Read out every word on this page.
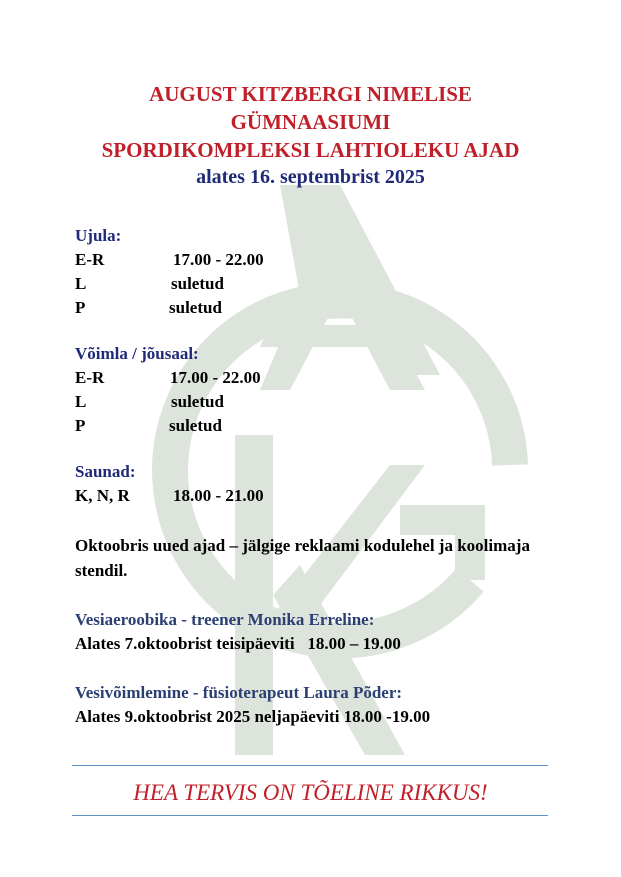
AUGUST KITZBERGI NIMELISE
GÜMNAASIUMI
SPORDIKOMPLEKSI LAHTIOLEKU AJAD
alates 16. septembrist 2025
Ujula:
E-R	17.00 - 22.00
L	suletud
P	suletud
Võimla / jõusaal:
E-R	17.00 - 22.00
L	suletud
P	suletud
Saunad:
K, N, R	18.00 - 21.00
Oktoobris uued ajad – jälgige reklaami kodulehel ja koolimaja stendil.
Vesiaeroobika - treener Monika Erreline:
Alates 7.oktoobrist teisipäeviti   18.00 – 19.00
Vesivõimlemine - füsioterapeut Laura Põder:
Alates 9.oktoobrist 2025 neljapäeviti 18.00 -19.00
HEA TERVIS ON TÕELINE RIKKUS!
